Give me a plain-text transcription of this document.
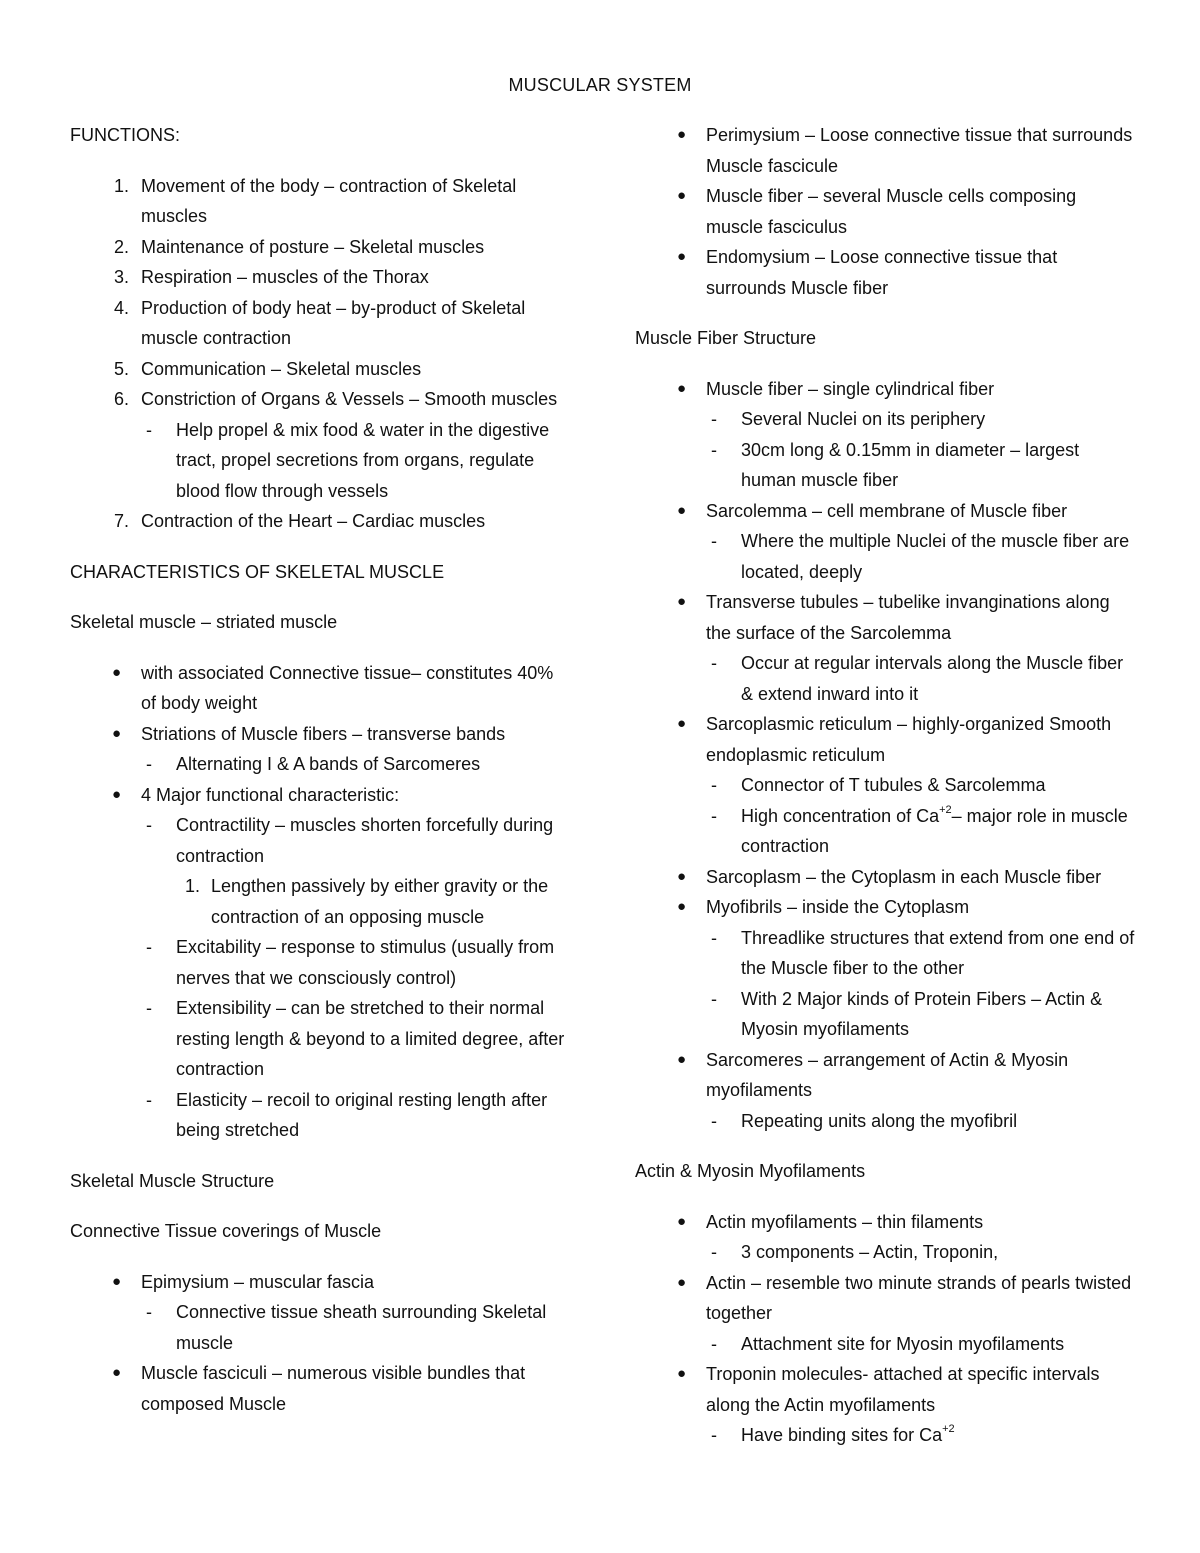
MUSCULAR SYSTEM
FUNCTIONS:
1. Movement of the body – contraction of Skeletal muscles
2. Maintenance of posture – Skeletal muscles
3. Respiration – muscles of the Thorax
4. Production of body heat – by-product of Skeletal muscle contraction
5. Communication – Skeletal muscles
6. Constriction of Organs & Vessels – Smooth muscles
- Help propel & mix food & water in the digestive tract, propel secretions from organs, regulate blood flow through vessels
7. Contraction of the Heart – Cardiac muscles
CHARACTERISTICS OF SKELETAL MUSCLE
Skeletal muscle – striated muscle
● with associated Connective tissue– constitutes 40% of body weight
● Striations of Muscle fibers – transverse bands
- Alternating I & A bands of Sarcomeres
● 4 Major functional characteristic:
- Contractility – muscles shorten forcefully during contraction
1. Lengthen passively by either gravity or the contraction of an opposing muscle
- Excitability – response to stimulus (usually from nerves that we consciously control)
- Extensibility – can be stretched to their normal resting length & beyond to a limited degree, after contraction
- Elasticity – recoil to original resting length after being stretched
Skeletal Muscle Structure
Connective Tissue coverings of Muscle
● Epimysium – muscular fascia
- Connective tissue sheath surrounding Skeletal muscle
● Muscle fasciculi – numerous visible bundles that composed Muscle
● Perimysium – Loose connective tissue that surrounds Muscle fascicule
● Muscle fiber – several Muscle cells composing muscle fasciculus
● Endomysium – Loose connective tissue that surrounds Muscle fiber
Muscle Fiber Structure
● Muscle fiber – single cylindrical fiber
- Several Nuclei on its periphery
- 30cm long & 0.15mm in diameter – largest human muscle fiber
● Sarcolemma – cell membrane of Muscle fiber
- Where the multiple Nuclei of the muscle fiber are located, deeply
● Transverse tubules – tubelike invanginations along the surface of the Sarcolemma
- Occur at regular intervals along the Muscle fiber & extend inward into it
● Sarcoplasmic reticulum – highly-organized Smooth endoplasmic reticulum
- Connector of T tubules & Sarcolemma
- High concentration of $Ca^{+2}-$ major role in muscle contraction
● Sarcoplasm – the Cytoplasm in each Muscle fiber
● Myofibrils – inside the Cytoplasm
- Threadlike structures that extend from one end of the Muscle fiber to the other
- With 2 Major kinds of Protein Fibers – Actin & Myosin myofilaments
● Sarcomeres – arrangement of Actin & Myosin myofilaments
- Repeating units along the myofibril
Actin & Myosin Myofilaments
● Actin myofilaments – thin filaments
- 3 components – Actin, Troponin,
● Actin – resemble two minute strands of pearls twisted together
- Attachment site for Myosin myofilaments
● Troponin molecules- attached at specific intervals along the Actin myofilaments
- Have binding sites for $Ca^{+2}$
